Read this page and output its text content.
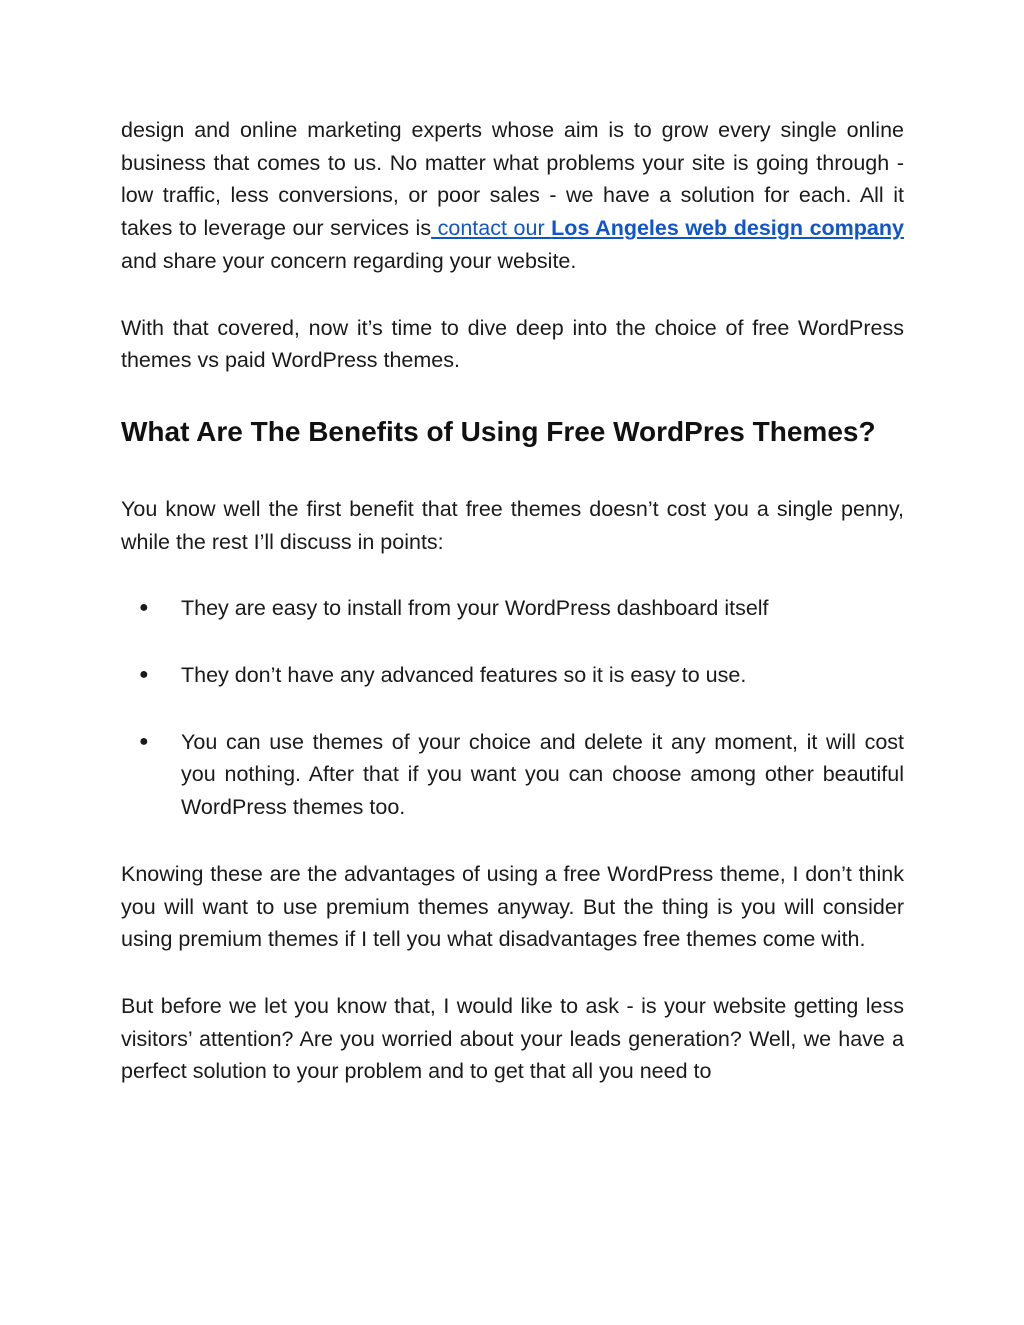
design and online marketing experts whose aim is to grow every single online business that comes to us. No matter what problems your site is going through - low traffic, less conversions, or poor sales - we have a solution for each. All it takes to leverage our services is contact our Los Angeles web design company and share your concern regarding your website.

With that covered, now it’s time to dive deep into the choice of free WordPress themes vs paid WordPress themes.

What Are The Benefits of Using Free WordPres Themes?

You know well the first benefit that free themes doesn’t cost you a single penny, while the rest I’ll discuss in points:

● They are easy to install from your WordPress dashboard itself
● They don’t have any advanced features so it is easy to use.
● You can use themes of your choice and delete it any moment, it will cost you nothing. After that if you want you can choose among other beautiful WordPress themes too.

Knowing these are the advantages of using a free WordPress theme, I don’t think you will want to use premium themes anyway. But the thing is you will consider using premium themes if I tell you what disadvantages free themes come with.

But before we let you know that, I would like to ask - is your website getting less visitors’ attention? Are you worried about your leads generation? Well, we have a perfect solution to your problem and to get that all you need to
